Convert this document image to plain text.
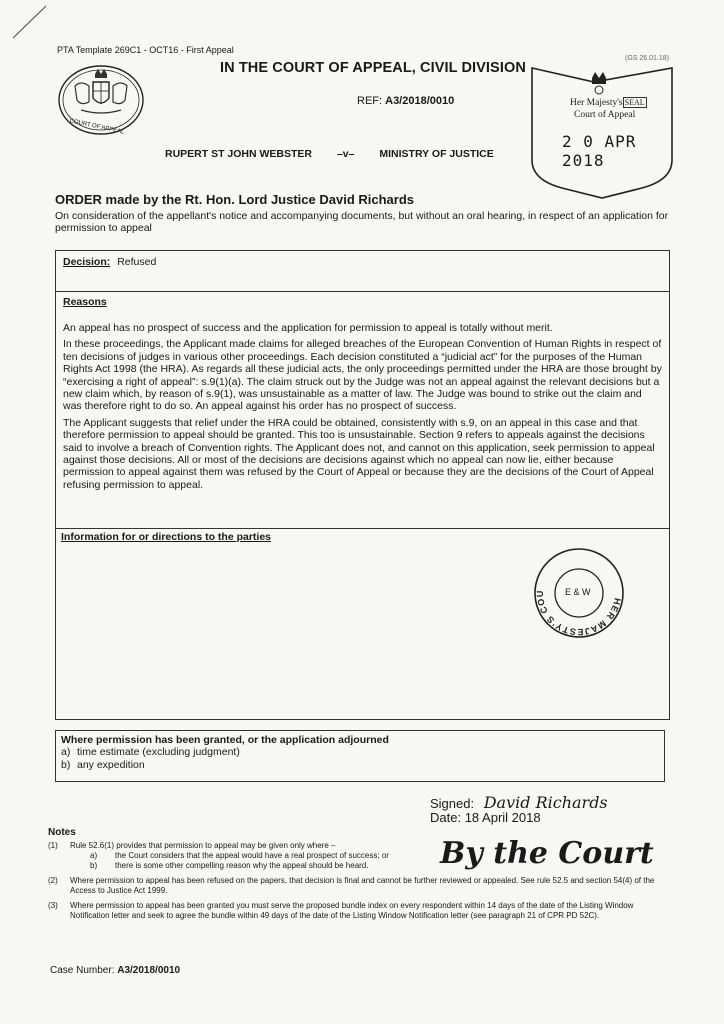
PTA Template 269C1 - OCT16 - First Appeal
(GS 26.01.18)
COURT OF APPEAL
IN THE COURT OF APPEAL, CIVIL DIVISION
REF: A3/2018/0010
RUPERT ST JOHN WEBSTER –v– MINISTRY OF JUSTICE
Her Majesty's SEAL
Court of Appeal
2 0 APR 2018
ORDER made by the Rt. Hon. Lord Justice David Richards
On consideration of the appellant's notice and accompanying documents, but without an oral hearing, in respect of an application for permission to appeal
Decision: Refused
Reasons

An appeal has no prospect of success and the application for permission to appeal is totally without merit.

In these proceedings, the Applicant made claims for alleged breaches of the European Convention of Human Rights in respect of ten decisions of judges in various other proceedings. Each decision constituted a “judicial act” for the purposes of the Human Rights Act 1998 (the HRA). As regards all these judicial acts, the only proceedings permitted under the HRA are those brought by “exercising a right of appeal”: s.9(1)(a). The claim struck out by the Judge was not an appeal against the relevant decisions but a new claim which, by reason of s.9(1), was unsustainable as a matter of law. The Judge was bound to strike out the claim and was therefore right to do so. An appeal against his order has no prospect of success.

The Applicant suggests that relief under the HRA could be obtained, consistently with s.9, on an appeal in this case and that therefore permission to appeal should be granted. This too is unsustainable. Section 9 refers to appeals against the decisions said to involve a breach of Convention rights. The Applicant does not, and cannot on this application, seek permission to appeal against those decisions. All or most of the decisions are decisions against which no appeal can now lie, either because permission to appeal against them was refused by the Court of Appeal or because they are the decisions of the Court of Appeal refusing permission to appeal.

Information for or directions to the parties
HER MAJESTY'S COU	E & W
Where permission has been granted, or the application adjourned
a) time estimate (excluding judgment)
b) any expedition
Signed: David Richards
Date: 18 April 2018
By the Court
Notes
(1)	Rule 52.6(1) provides that permission to appeal may be given only where –
a)	the Court considers that the appeal would have a real prospect of success; or
b)	there is some other compelling reason why the appeal should be heard.
(2)	Where permission to appeal has been refused on the papers, that decision is final and cannot be further reviewed or appealed. See rule 52.5 and section 54(4) of the Access to Justice Act 1999.
(3)	Where permission to appeal has been granted you must serve the proposed bundle index on every respondent within 14 days of the date of the Listing Window Notification letter and seek to agree the bundle within 49 days of the date of the Listing Window Notification letter (see paragraph 21 of CPR PD 52C).
Case Number: A3/2018/0010
